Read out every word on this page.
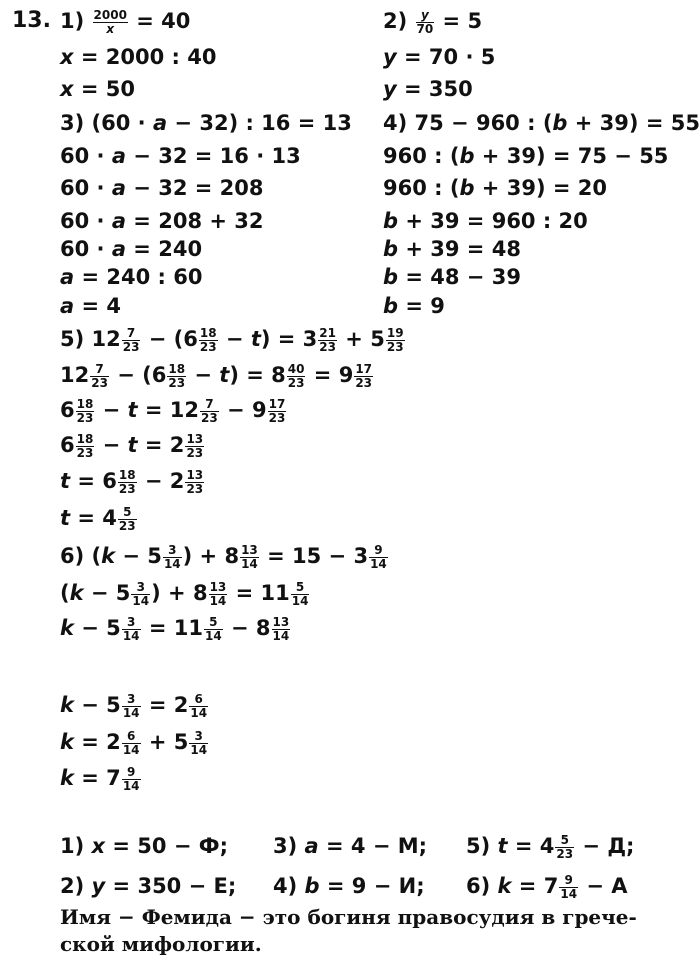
13. $1) \frac{2000}{x} = 40$
x = 2000 : 40
x = 50
$2) \frac{y}{70} = 5$
y = 70 · 5
y = 350
3) (60 · a − 32) : 16 = 13
60 · a − 32 = 16 · 13
60 · a − 32 = 208
60 · a = 208 + 32
60 · a = 240
a = 240 : 60
a = 4
4) 75 − 960 : (b + 39) = 55
960 : (b + 39) = 75 − 55
960 : (b + 39) = 20
b + 39 = 960 : 20
b + 39 = 48
b = 48 − 39
b = 9
5) $12 \frac{7}{23} - (6 \frac{18}{23} - t) = 3 \frac{21}{23} + 5 \frac{19}{23}$
$12 \frac{7}{23} - (6 \frac{18}{23} - t) = 8 \frac{40}{23} = 9 \frac{17}{23}$
$6 \frac{18}{23} - t = 12 \frac{7}{23} - 9 \frac{17}{23}$
$6 \frac{18}{23} - t = 2 \frac{13}{23}$
$t = 6 \frac{18}{23} - 2 \frac{13}{23}$
$t = 4 \frac{5}{23}$
6) ($k - 5 \frac{3}{14}$ ) + $8 \frac{13}{14} = 15 - 3 \frac{9}{14}$
($k - 5 \frac{3}{14}$ ) + $8 \frac{13}{14} = 11 \frac{5}{14}$
$k - 5 \frac{3}{14} = 11 \frac{5}{14} - 8 \frac{13}{14}$
$k - 5 \frac{3}{14} = 2 \frac{6}{14}$
$k = 2 \frac{6}{14} + 5 \frac{3}{14}$
$k = 7 \frac{9}{14}$
1) x = 50 − Ф; 3) a = 4 − М; 5) $t = 4 \frac{5}{23} - Д$;
2) y = 350 − Е; 4) b = 9 − И; 6) $k = 7 \frac{9}{14} - А$
Имя − Фемида − это богиня правосудия в грече-
ской мифологии.
